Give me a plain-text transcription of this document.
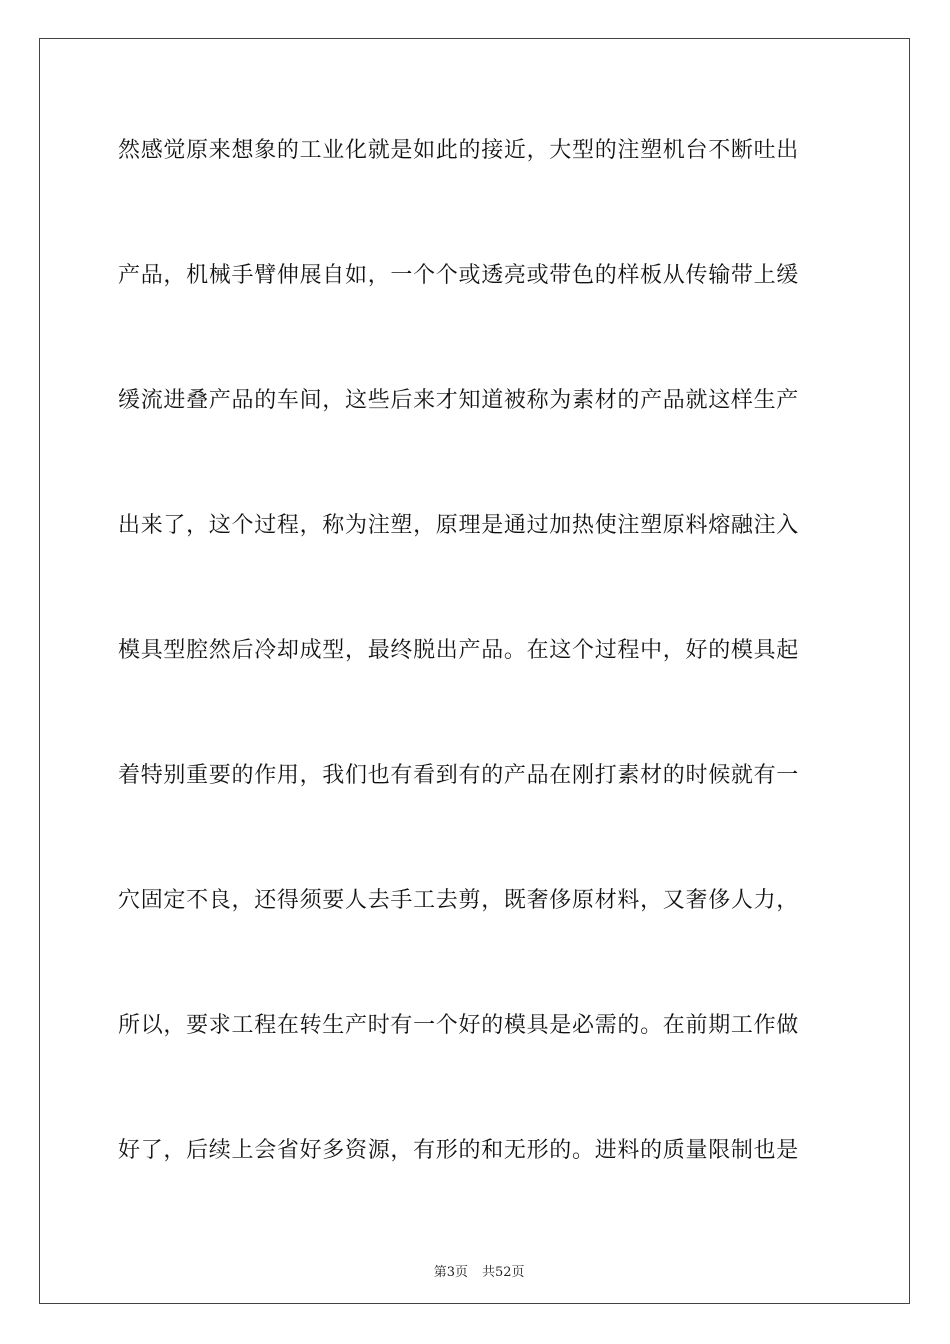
然感觉原来想象的工业化就是如此的接近，大型的注塑机台不断吐出
产品，机械手臂伸展自如，一个个或透亮或带色的样板从传输带上缓
缓流进叠产品的车间，这些后来才知道被称为素材的产品就这样生产
出来了，这个过程，称为注塑，原理是通过加热使注塑原料熔融注入
模具型腔然后冷却成型，最终脱出产品。在这个过程中，好的模具起
着特别重要的作用，我们也有看到有的产品在刚打素材的时候就有一
穴固定不良，还得须要人去手工去剪，既奢侈原材料，又奢侈人力，
所以，要求工程在转生产时有一个好的模具是必需的。在前期工作做
好了，后续上会省好多资源，有形的和无形的。进料的质量限制也是

第3页 共52页
